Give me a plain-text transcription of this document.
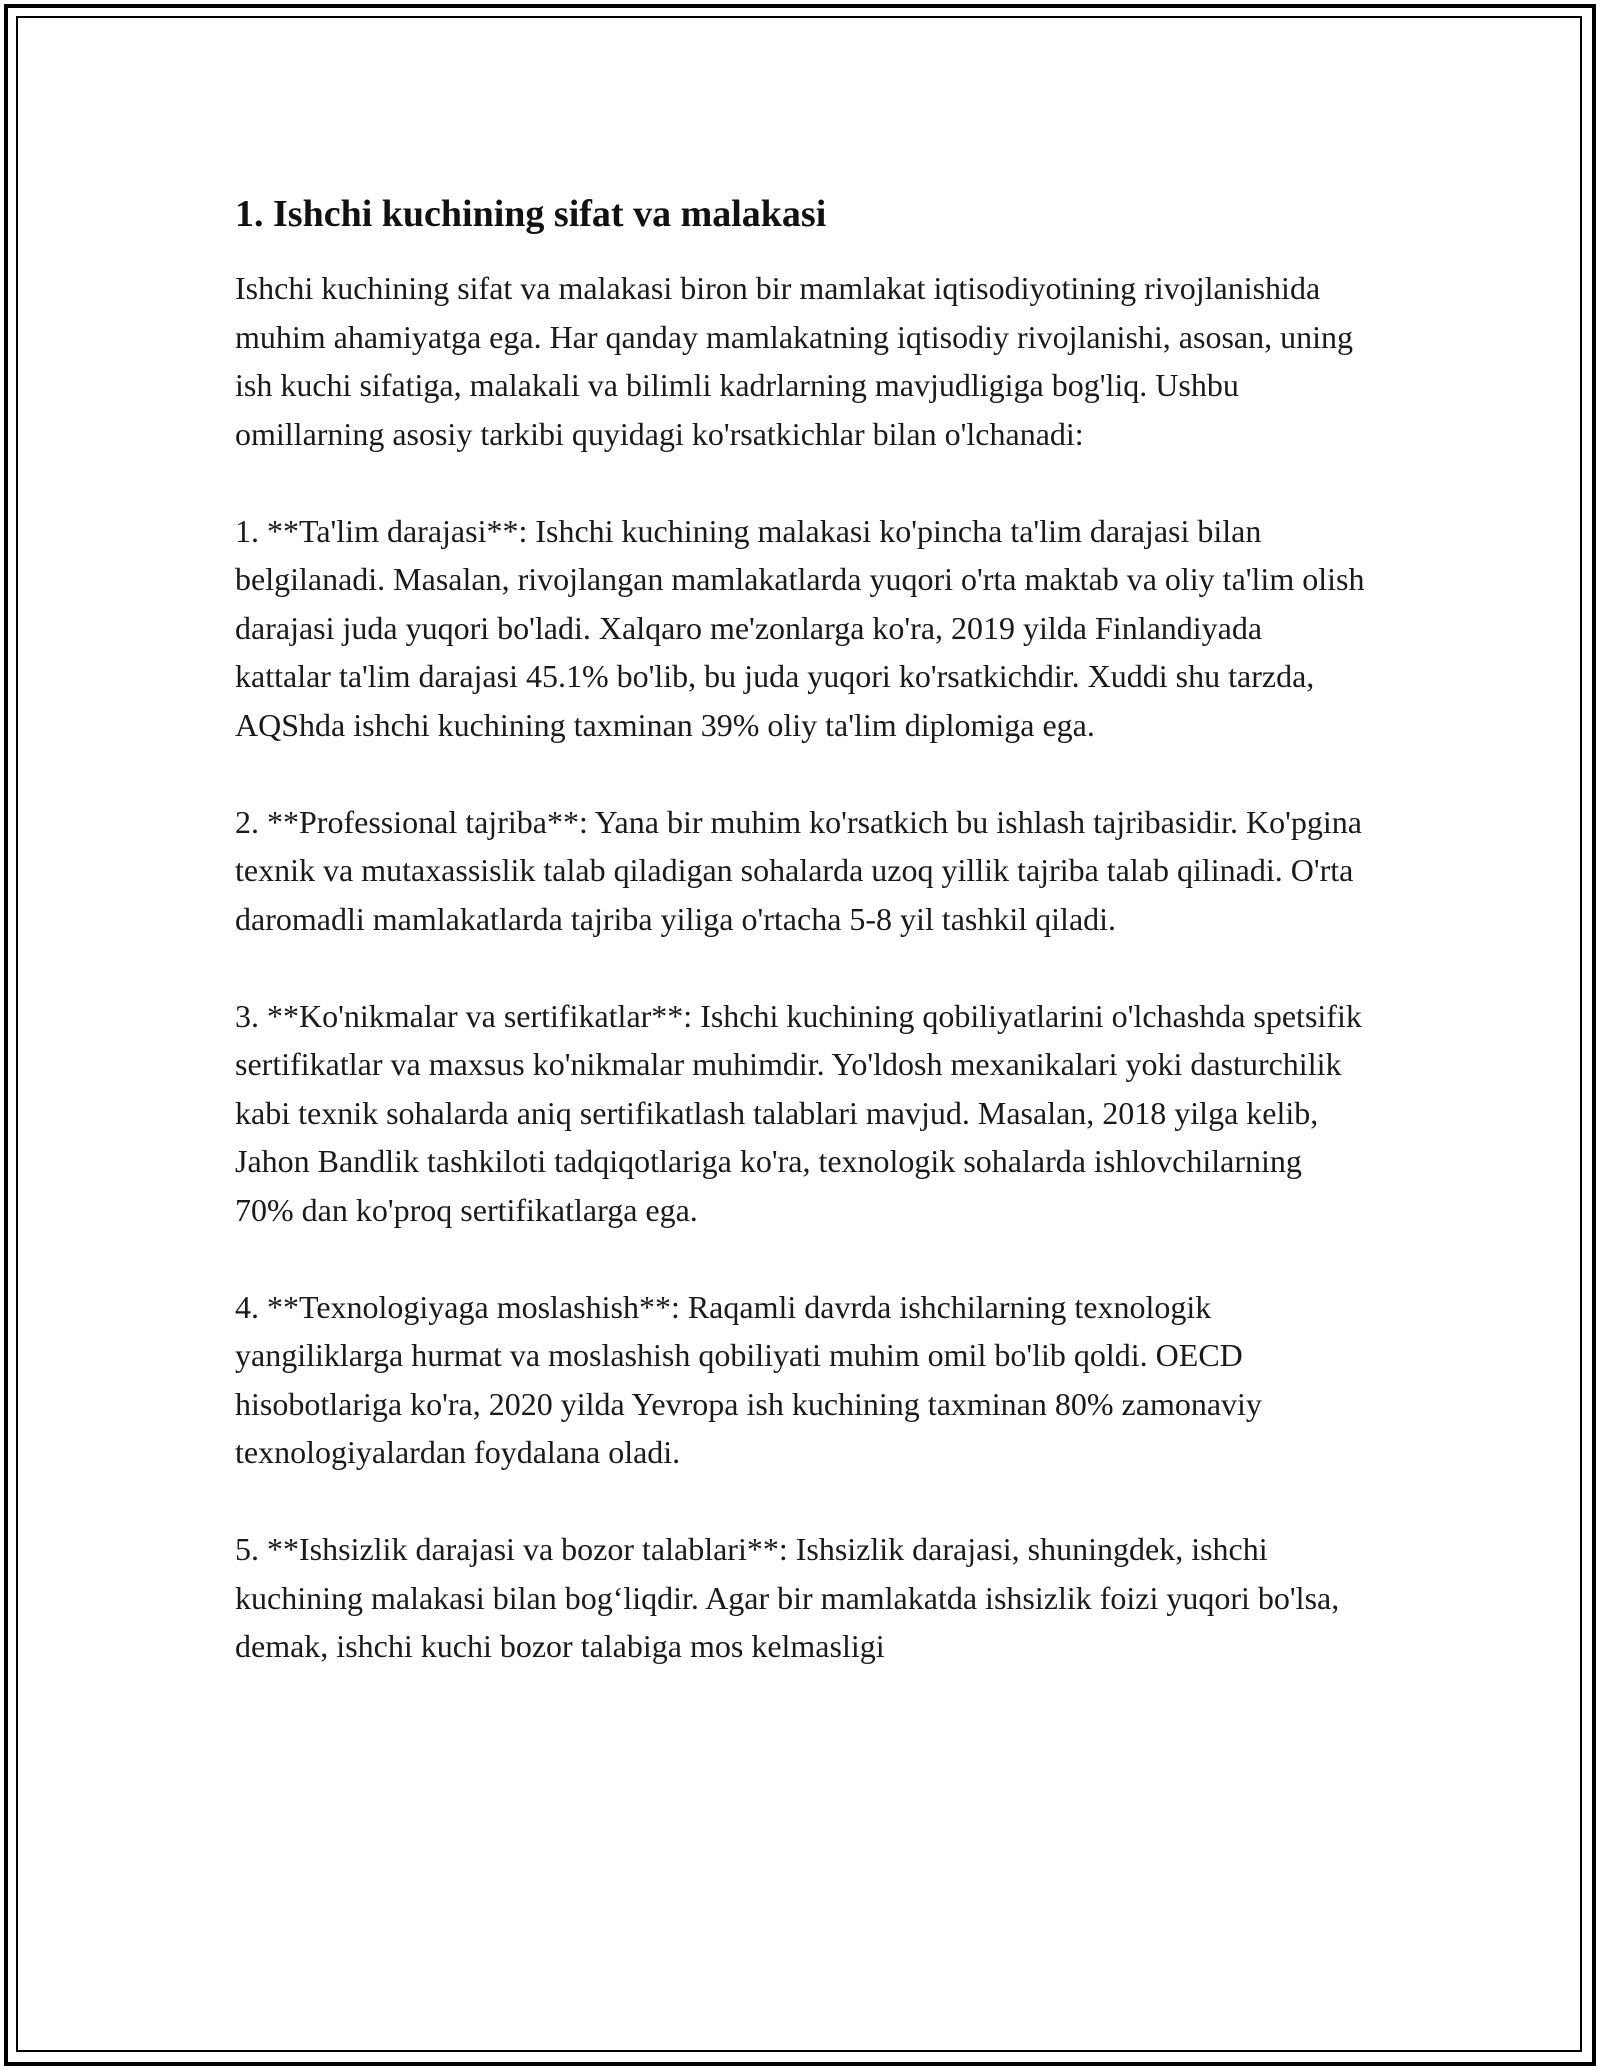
1. Ishchi kuchining sifat va malakasi

Ishchi kuchining sifat va malakasi biron bir mamlakat iqtisodiyotining rivojlanishida muhim ahamiyatga ega. Har qanday mamlakatning iqtisodiy rivojlanishi, asosan, uning ish kuchi sifatiga, malakali va bilimli kadrlarning mavjudligiga bog'liq. Ushbu omillarning asosiy tarkibi quyidagi ko'rsatkichlar bilan o'lchanadi:

1. **Ta'lim darajasi**: Ishchi kuchining malakasi ko'pincha ta'lim darajasi bilan belgilanadi. Masalan, rivojlangan mamlakatlarda yuqori o'rta maktab va oliy ta'lim olish darajasi juda yuqori bo'ladi. Xalqaro me'zonlarga ko'ra, 2019 yilda Finlandiyada kattalar ta'lim darajasi 45.1% bo'lib, bu juda yuqori ko'rsatkichdir. Xuddi shu tarzda, AQShda ishchi kuchining taxminan 39% oliy ta'lim diplomiga ega.

2. **Professional tajriba**: Yana bir muhim ko'rsatkich bu ishlash tajribasidir. Ko'pgina texnik va mutaxassislik talab qiladigan sohalarda uzoq yillik tajriba talab qilinadi. O'rta daromadli mamlakatlarda tajriba yiliga o'rtacha 5-8 yil tashkil qiladi.

3. **Ko'nikmalar va sertifikatlar**: Ishchi kuchining qobiliyatlarini o'lchashda spetsifik sertifikatlar va maxsus ko'nikmalar muhimdir. Yo'ldosh mexanikalari yoki dasturchilik kabi texnik sohalarda aniq sertifikatlash talablari mavjud. Masalan, 2018 yilga kelib, Jahon Bandlik tashkiloti tadqiqotlariga ko'ra, texnologik sohalarda ishlovchilarning 70% dan ko'proq sertifikatlarga ega.

4. **Texnologiyaga moslashish**: Raqamli davrda ishchilarning texnologik yangiliklarga hurmat va moslashish qobiliyati muhim omil bo'lib qoldi. OECD hisobotlariga ko'ra, 2020 yilda Yevropa ish kuchining taxminan 80% zamonaviy texnologiyalardan foydalana oladi.

5. **Ishsizlik darajasi va bozor talablari**: Ishsizlik darajasi, shuningdek, ishchi kuchining malakasi bilan bog‘liqdir. Agar bir mamlakatda ishsizlik foizi yuqori bo'lsa, demak, ishchi kuchi bozor talabiga mos kelmasligi
